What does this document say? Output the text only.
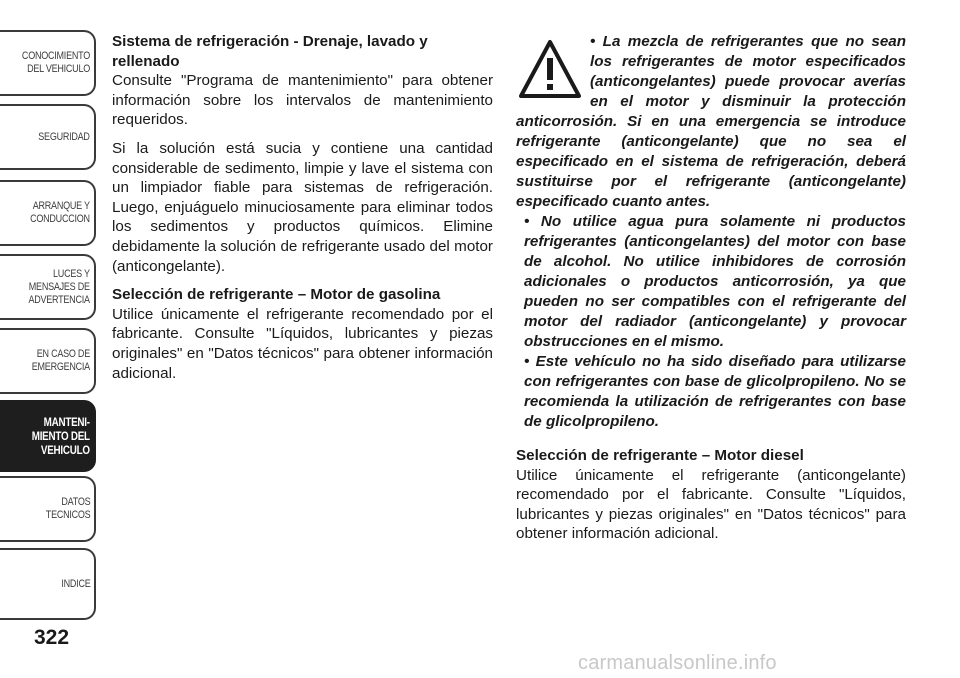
CONOCIMIENTO
DEL VEHICULO
SEGURIDAD
ARRANQUE Y
CONDUCCION
LUCES Y
MENSAJES DE
ADVERTENCIA
EN CASO DE
EMERGENCIA
MANTENI-
MIENTO DEL
VEHICULO
DATOS
TECNICOS
INDICE
322

Sistema de refrigeración - Drenaje, lavado y rellenado

Consulte "Programa de mantenimiento" para obtener información sobre los intervalos de mantenimiento requeridos.

Si la solución está sucia y contiene una cantidad considerable de sedimento, limpie y lave el sistema con un limpiador fiable para sistemas de refrigeración. Luego, enjuáguelo minuciosamente para eliminar todos los sedimentos y productos químicos. Elimine debidamente la solución de refrigerante usado del motor (anticongelante).

Selección de refrigerante – Motor de gasolina

Utilice únicamente el refrigerante recomendado por el fabricante. Consulte "Líquidos, lubricantes y piezas originales" en "Datos técnicos" para obtener información adicional.

• La mezcla de refrigerantes que no sean los refrigerantes de motor especificados (anticongelantes) puede provocar averías en el motor y disminuir la protección anticorrosión. Si en una emergencia se introduce refrigerante (anticongelante) que no sea el especificado en el sistema de refrigeración, deberá sustituirse por el refrigerante (anticongelante) especificado cuanto antes.

• No utilice agua pura solamente ni productos refrigerantes (anticongelantes) del motor con base de alcohol. No utilice inhibidores de corrosión adicionales o productos anticorrosión, ya que pueden no ser compatibles con el refrigerante del motor del radiador (anticongelante) y provocar obstrucciones en el mismo.

• Este vehículo no ha sido diseñado para utilizarse con refrigerantes con base de glicolpropileno. No se recomienda la utilización de refrigerantes con base de glicolpropileno.

Selección de refrigerante – Motor diesel

Utilice únicamente el refrigerante (anticongelante) recomendado por el fabricante. Consulte "Líquidos, lubricantes y piezas originales" en "Datos técnicos" para obtener información adicional.

carmanualsonline.info
